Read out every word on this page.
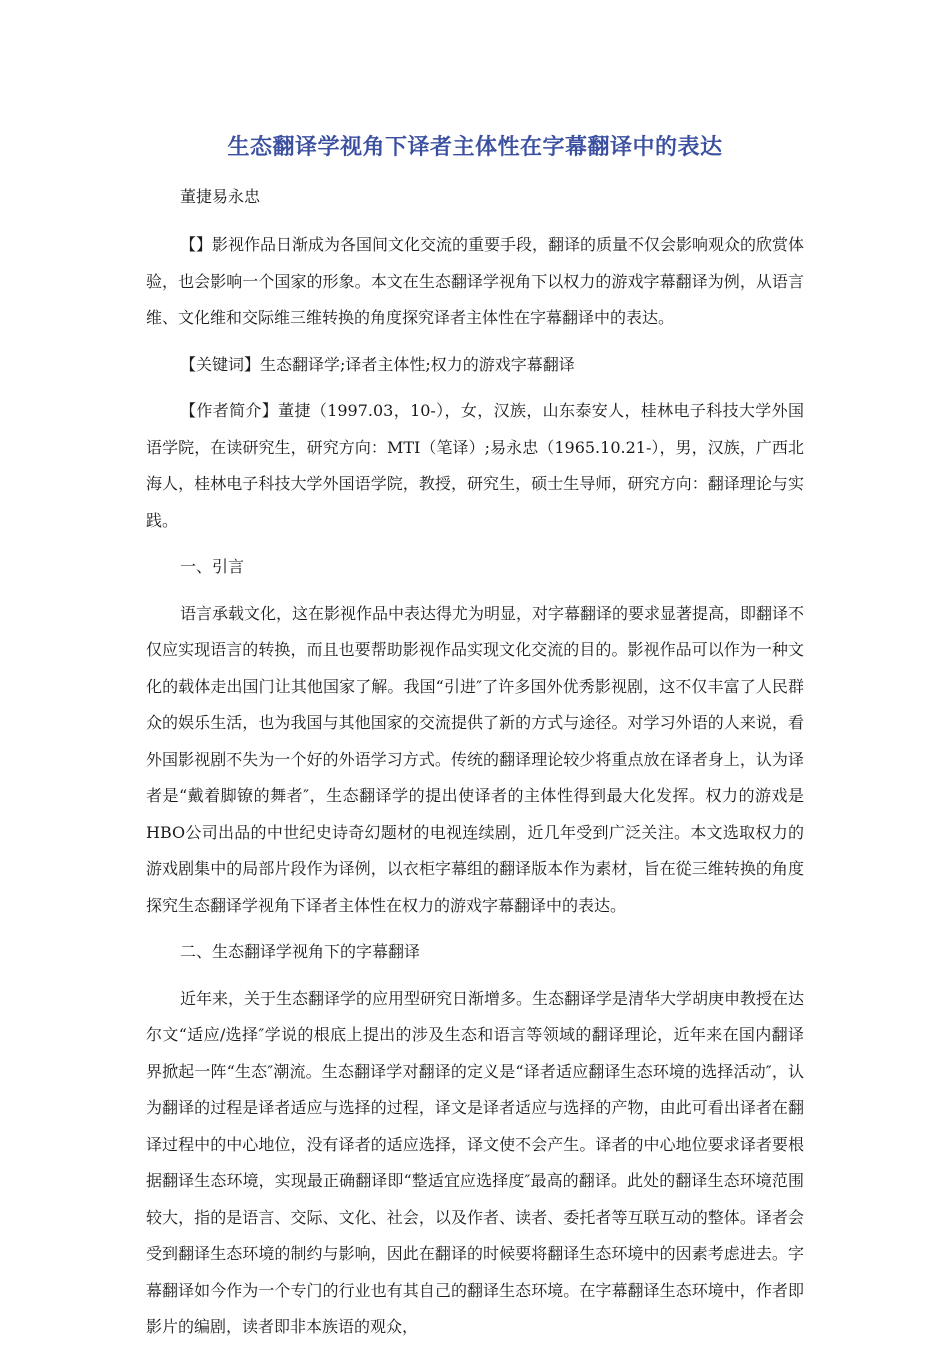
生态翻译学视角下译者主体性在字幕翻译中的表达
董捷易永忠

【】影视作品日渐成为各国间文化交流的重要手段，翻译的质量不仅会影响观众的欣赏体验，也会影响一个国家的形象。本文在生态翻译学视角下以权力的游戏字幕翻译为例，从语言维、文化维和交际维三维转换的角度探究译者主体性在字幕翻译中的表达。

【关键词】生态翻译学;译者主体性;权力的游戏字幕翻译

【作者简介】董捷（1997.03，10-），女，汉族，山东泰安人，桂林电子科技大学外国语学院，在读研究生，研究方向：MTI（笔译）;易永忠（1965.10.21-），男，汉族，广西北海人，桂林电子科技大学外国语学院，教授，研究生，硕士生导师，研究方向：翻译理论与实践。

一、引言

语言承载文化，这在影视作品中表达得尤为明显，对字幕翻译的要求显著提高，即翻译不仅应实现语言的转换，而且也要帮助影视作品实现文化交流的目的。影视作品可以作为一种文化的载体走出国门让其他国家了解。我国“引进″了许多国外优秀影视剧，这不仅丰富了人民群众的娱乐生活，也为我国与其他国家的交流提供了新的方式与途径。对学习外语的人来说，看外国影视剧不失为一个好的外语学习方式。传统的翻译理论较少将重点放在译者身上，认为译者是“戴着脚镣的舞者″，生态翻译学的提出使译者的主体性得到最大化发挥。权力的游戏是HBO公司出品的中世纪史诗奇幻题材的电视连续剧，近几年受到广泛关注。本文选取权力的游戏剧集中的局部片段作为译例，以衣柜字幕组的翻译版本作为素材，旨在從三维转换的角度探究生态翻译学视角下译者主体性在权力的游戏字幕翻译中的表达。

二、生态翻译学视角下的字幕翻译

近年来，关于生态翻译学的应用型研究日渐增多。生态翻译学是清华大学胡庚申教授在达尔文“适应/选择″学说的根底上提出的涉及生态和语言等领域的翻译理论，近年来在国内翻译界掀起一阵“生态″潮流。生态翻译学对翻译的定义是“译者适应翻译生态环境的选择活动″，认为翻译的过程是译者适应与选择的过程，译文是译者适应与选择的产物，由此可看出译者在翻译过程中的中心地位，没有译者的适应选择，译文使不会产生。译者的中心地位要求译者要根据翻译生态环境，实现最正确翻译即“整适宜应选择度″最高的翻译。此处的翻译生态环境范围较大，指的是语言、交际、文化、社会，以及作者、读者、委托者等互联互动的整体。译者会受到翻译生态环境的制约与影响，因此在翻译的时候要将翻译生态环境中的因素考虑进去。字幕翻译如今作为一个专门的行业也有其自己的翻译生态环境。在字幕翻译生态环境中，作者即影片的编剧，读者即非本族语的观众，
